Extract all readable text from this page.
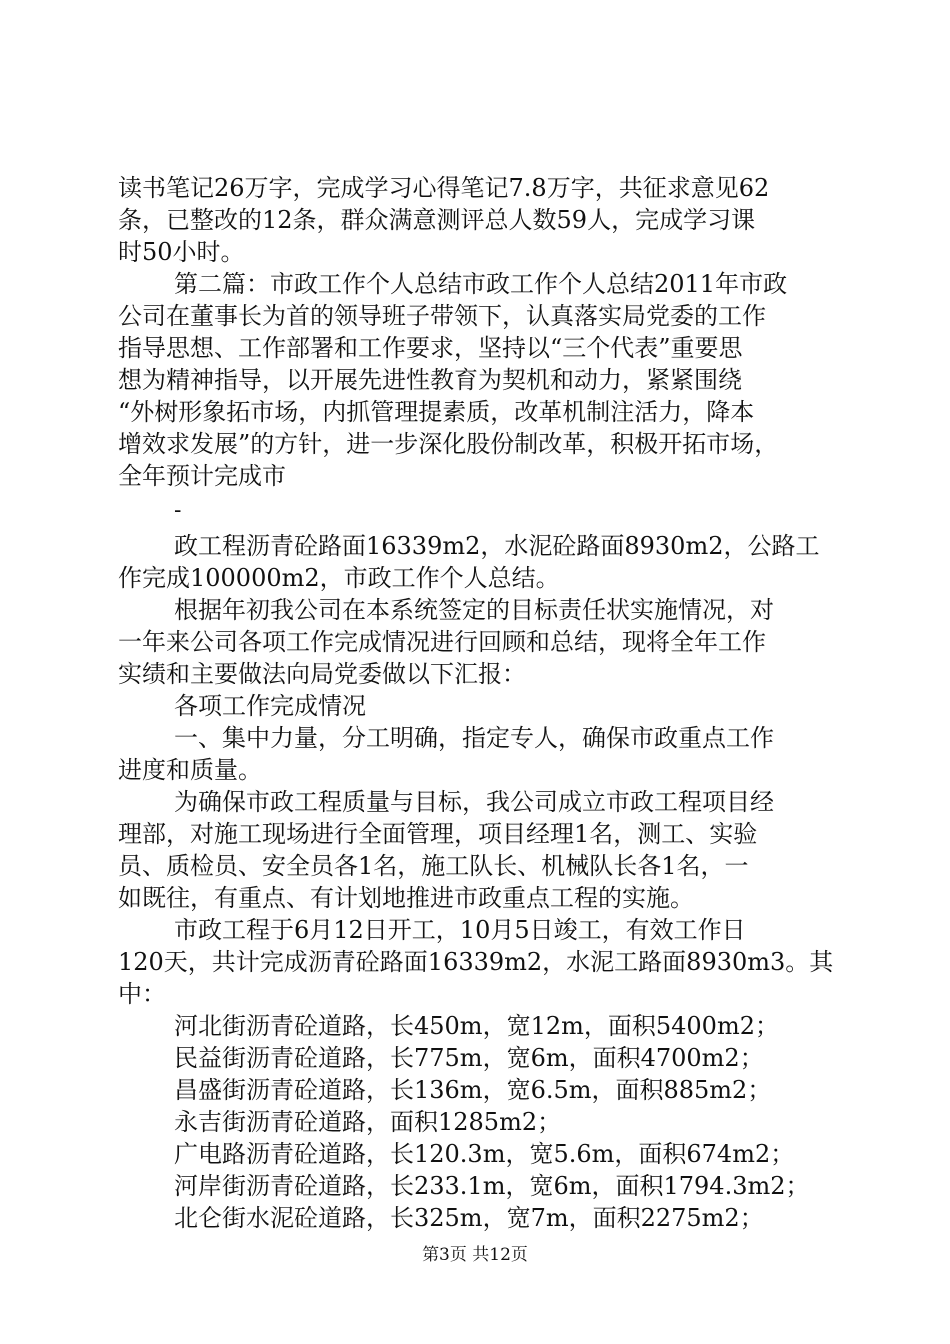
读书笔记26万字，完成学习心得笔记7.8万字，共征求意见62
条，已整改的12条，群众满意测评总人数59人，完成学习课
时50小时。
第二篇：市政工作个人总结市政工作个人总结2011年市政
公司在董事长为首的领导班子带领下，认真落实局党委的工作
指导思想、工作部署和工作要求，坚持以“三个代表”重要思
想为精神指导，以开展先进性教育为契机和动力，紧紧围绕
“外树形象拓市场，内抓管理提素质，改革机制注活力，降本
增效求发展”的方针，进一步深化股份制改革，积极开拓市场，
全年预计完成市
-
政工程沥青砼路面16339m2，水泥砼路面8930m2，公路工
作完成100000m2，市政工作个人总结。
根据年初我公司在本系统签定的目标责任状实施情况，对
一年来公司各项工作完成情况进行回顾和总结，现将全年工作
实绩和主要做法向局党委做以下汇报：
各项工作完成情况
一、集中力量，分工明确，指定专人，确保市政重点工作
进度和质量。
为确保市政工程质量与目标，我公司成立市政工程项目经
理部，对施工现场进行全面管理，项目经理1名，测工、实验
员、质检员、安全员各1名，施工队长、机械队长各1名，一
如既往，有重点、有计划地推进市政重点工程的实施。
市政工程于6月12日开工，10月5日竣工，有效工作日
120天，共计完成沥青砼路面16339m2，水泥工路面8930m3。其
中：
河北街沥青砼道路，长450m，宽12m，面积5400m2；
民益街沥青砼道路，长775m，宽6m，面积4700m2；
昌盛街沥青砼道路，长136m，宽6.5m，面积885m2；
永吉街沥青砼道路，面积1285m2；
广电路沥青砼道路，长120.3m，宽5.6m，面积674m2；
河岸街沥青砼道路，长233.1m，宽6m，面积1794.3m2；
北仑街水泥砼道路，长325m，宽7m，面积2275m2；
第3页 共12页
